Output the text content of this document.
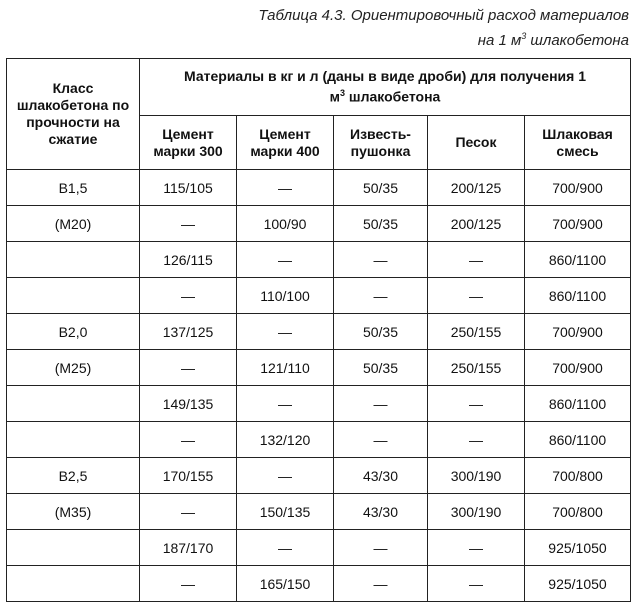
Таблица 4.3. Ориентировочный расход материалов
на 1 $м^3$ шлакобетона
Класс шлакобетона по прочности на сжатие	Материалы в кг и л (даны в виде дроби) для получения 1 $м^3$ шлакобетона				
	Цемент марки 300	Цемент марки 400	Известь-пушонка	Песок	Шлаковая смесь
В1,5	115/105	—	50/35	200/125	700/900
(М20)	—	100/90	50/35	200/125	700/900
	126/115	—	—	—	860/1100
	—	110/100	—	—	860/1100
В2,0	137/125	—	50/35	250/155	700/900
(М25)	—	121/110	50/35	250/155	700/900
	149/135	—	—	—	860/1100
	—	132/120	—	—	860/1100
В2,5	170/155	—	43/30	300/190	700/800
(М35)	—	150/135	43/30	300/190	700/800
	187/170	—	—	—	925/1050
	—	165/150	—	—	925/1050
